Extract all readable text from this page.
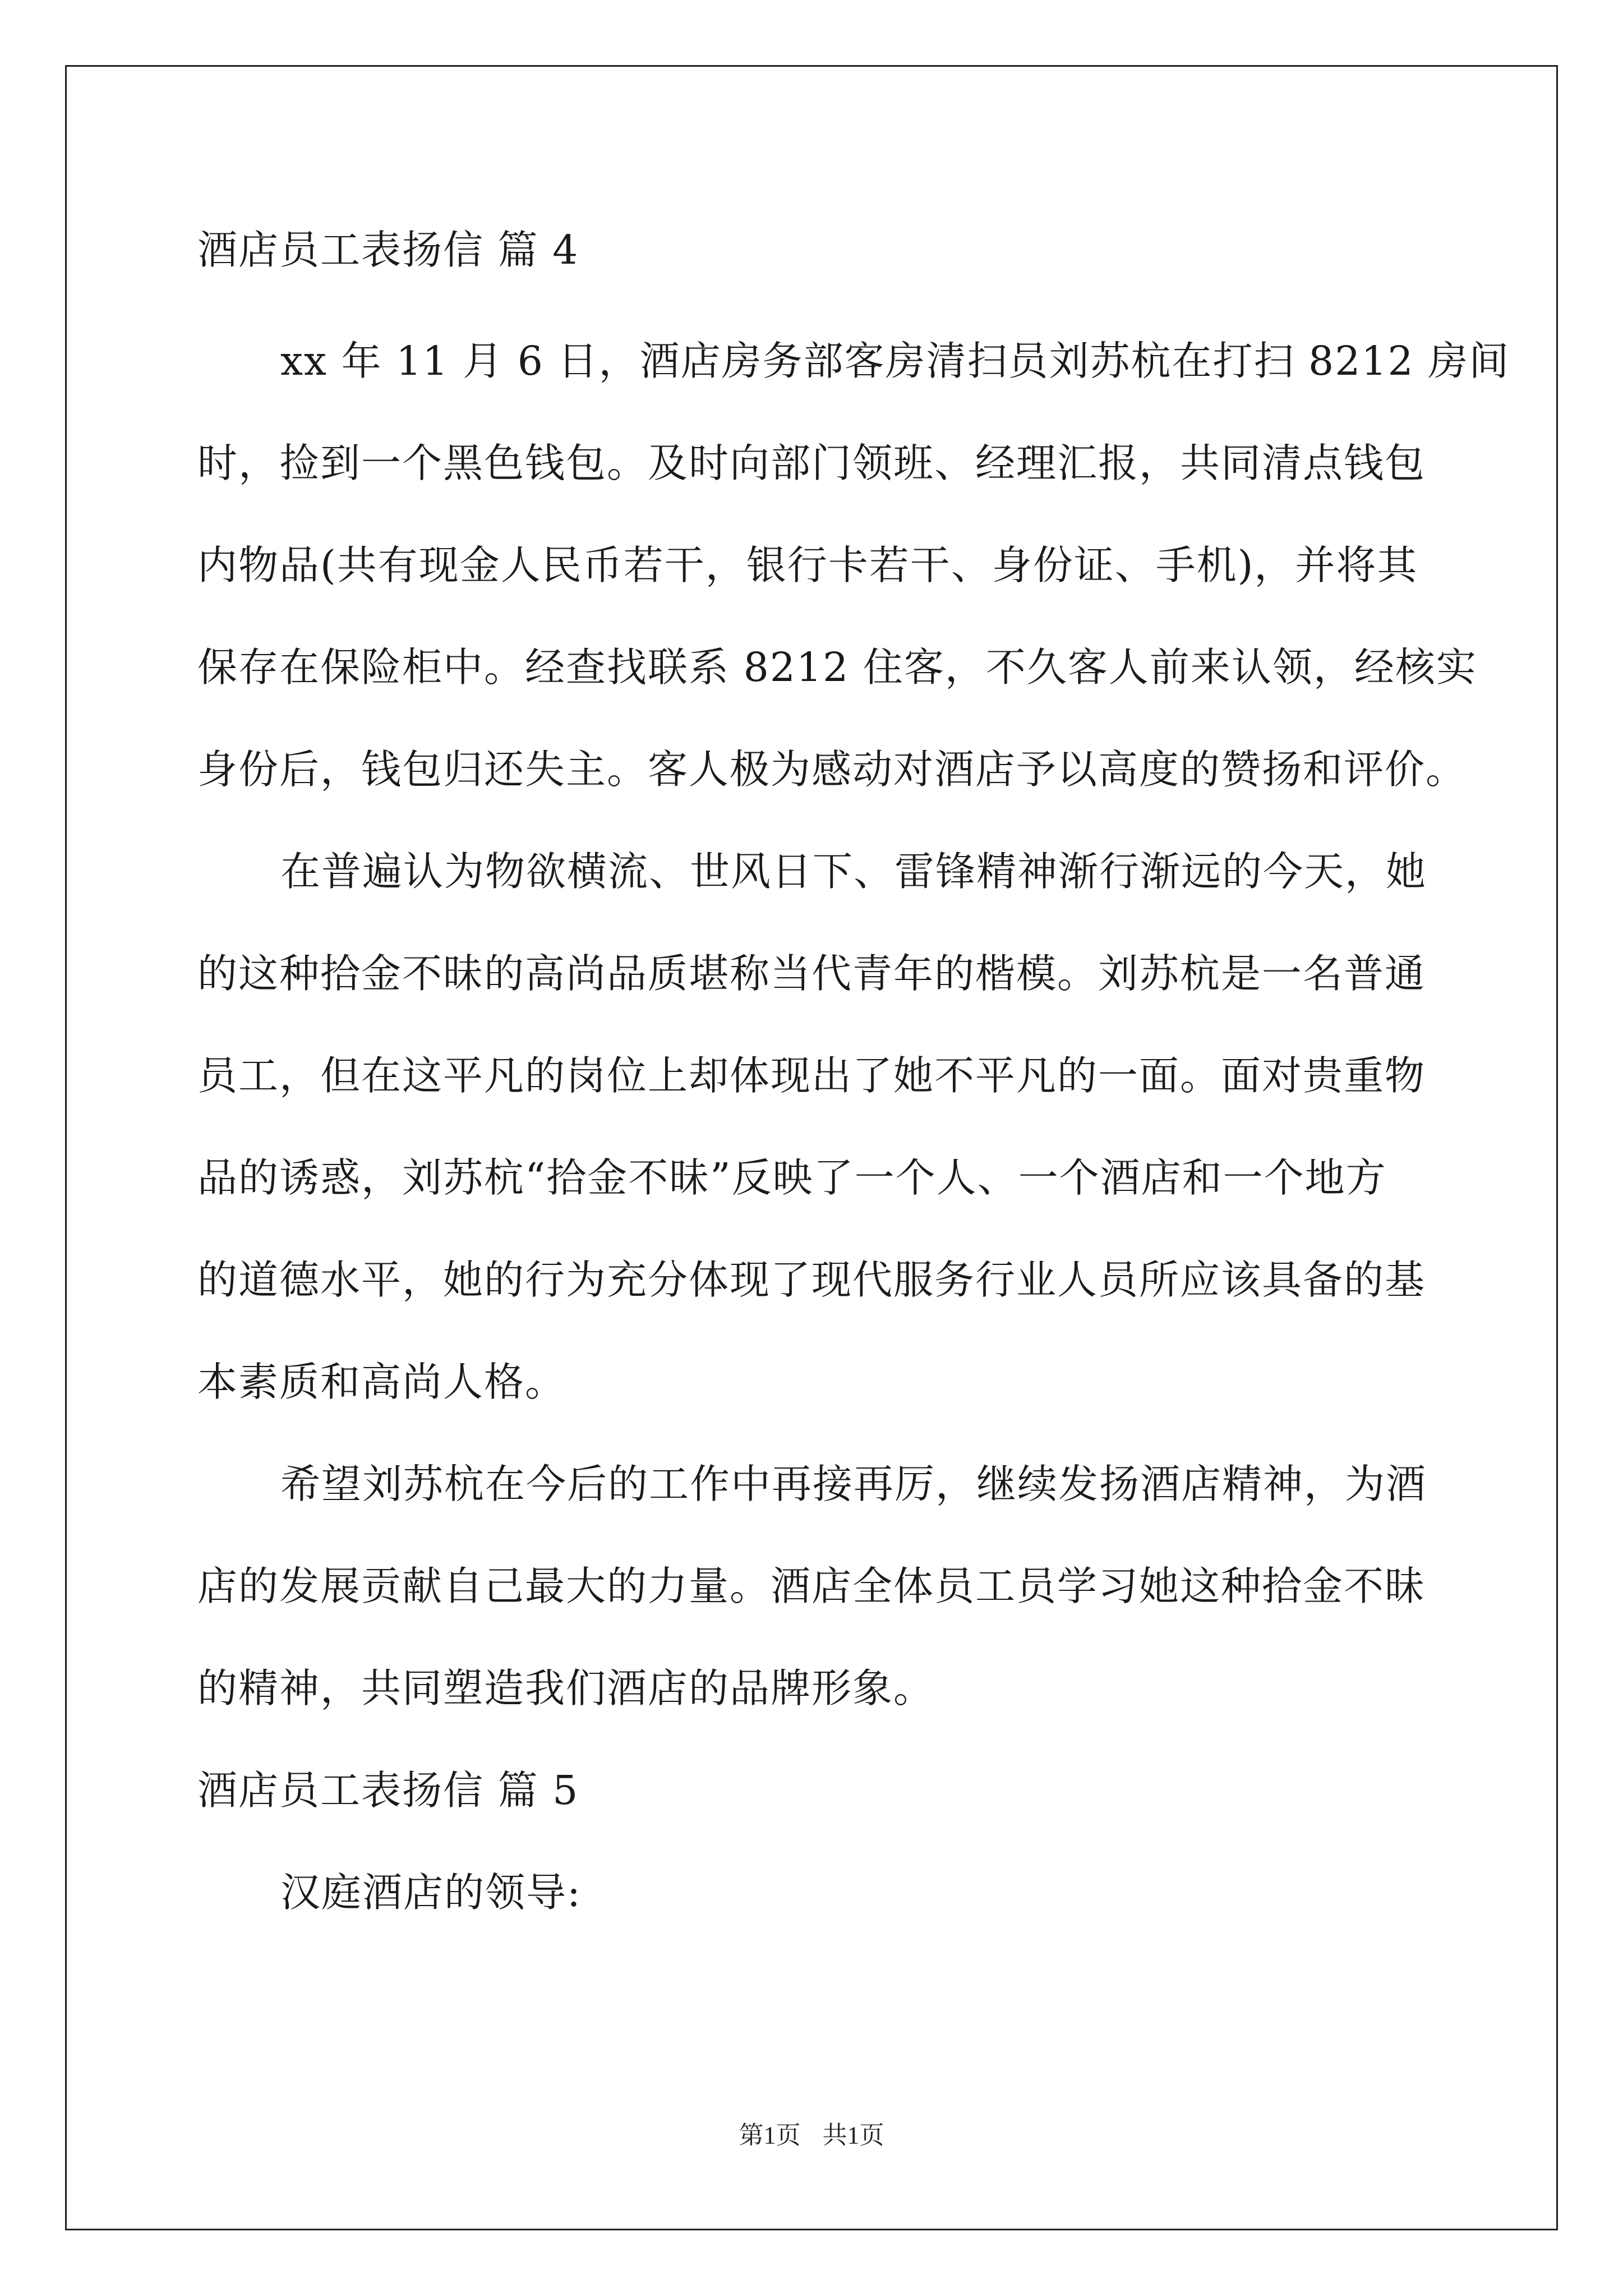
酒店员工表扬信 篇 4
xx 年 11 月 6 日，酒店房务部客房清扫员刘苏杭在打扫 8212 房间
时，捡到一个黑色钱包。及时向部门领班、经理汇报，共同清点钱包
内物品(共有现金人民币若干，银行卡若干、身份证、手机)，并将其
保存在保险柜中。经查找联系 8212 住客，不久客人前来认领，经核实
身份后，钱包归还失主。客人极为感动对酒店予以高度的赞扬和评价。
在普遍认为物欲横流、世风日下、雷锋精神渐行渐远的今天，她
的这种拾金不昧的高尚品质堪称当代青年的楷模。刘苏杭是一名普通
员工，但在这平凡的岗位上却体现出了她不平凡的一面。面对贵重物
品的诱惑，刘苏杭“拾金不昧”反映了一个人、一个酒店和一个地方
的道德水平，她的行为充分体现了现代服务行业人员所应该具备的基
本素质和高尚人格。
希望刘苏杭在今后的工作中再接再厉，继续发扬酒店精神，为酒
店的发展贡献自己最大的力量。酒店全体员工员学习她这种拾金不昧
的精神，共同塑造我们酒店的品牌形象。
酒店员工表扬信 篇 5
汉庭酒店的领导:
第1页 共1页
